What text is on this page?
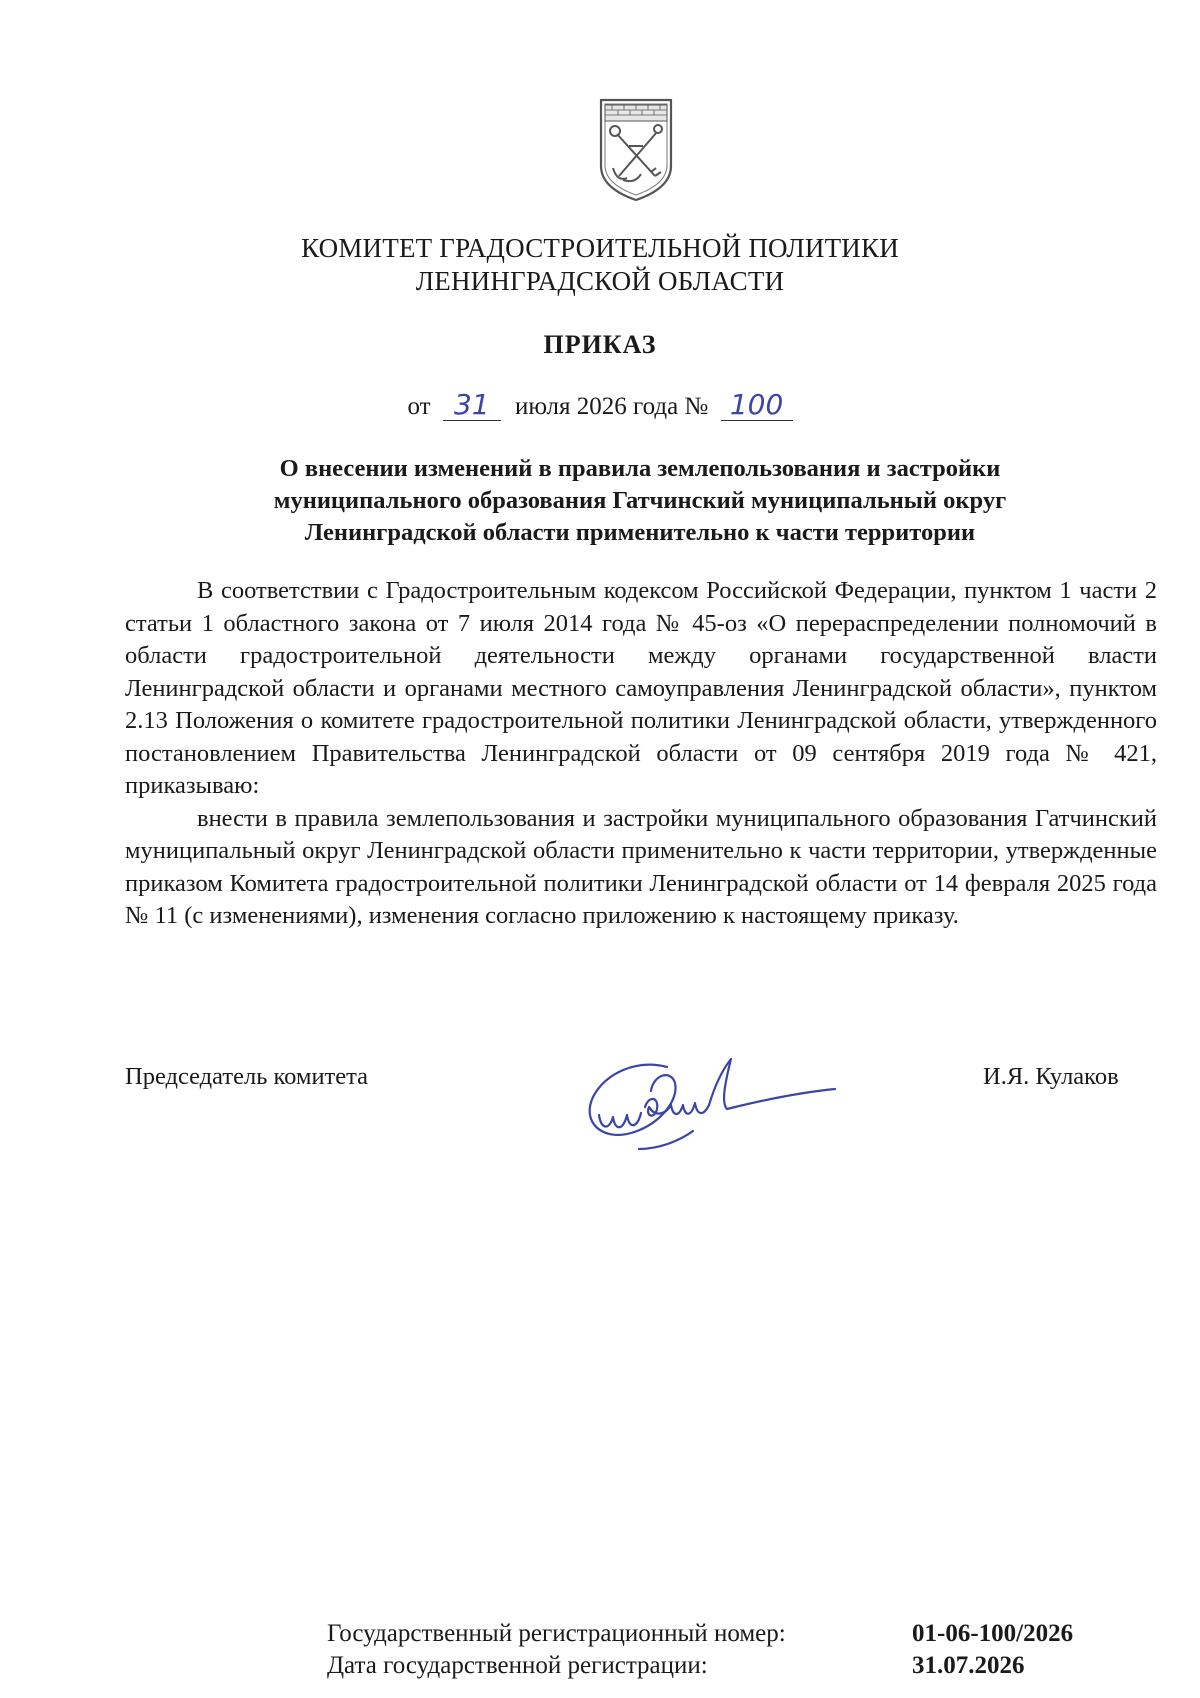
КОМИТЕТ ГРАДОСТРОИТЕЛЬНОЙ ПОЛИТИКИ
ЛЕНИНГРАДСКОЙ ОБЛАСТИ
ПРИКАЗ
от 31 июля 2026 года № 100
О внесении изменений в правила землепользования и застройки
муниципального образования Гатчинский муниципальный округ
Ленинградской области применительно к части территории

В соответствии с Градостроительным кодексом Российской Федерации, пунктом 1 части 2 статьи 1 областного закона от 7 июля 2014 года № 45-оз «О перераспределении полномочий в области градостроительной деятельности между органами государственной власти Ленинградской области и органами местного самоуправления Ленинградской области», пунктом 2.13 Положения о комитете градостроительной политики Ленинградской области, утвержденного постановлением Правительства Ленинградской области от 09 сентября 2019 года № 421, приказываю:

внести в правила землепользования и застройки муниципального образования Гатчинский муниципальный округ Ленинградской области применительно к части территории, утвержденные приказом Комитета градостроительной политики Ленинградской области от 14 февраля 2025 года № 11 (с изменениями), изменения согласно приложению к настоящему приказу.

Председатель комитета	И.Я. Кулаков
Государственный регистрационный номер:	01-06-100/2026
Дата государственной регистрации:	31.07.2026
